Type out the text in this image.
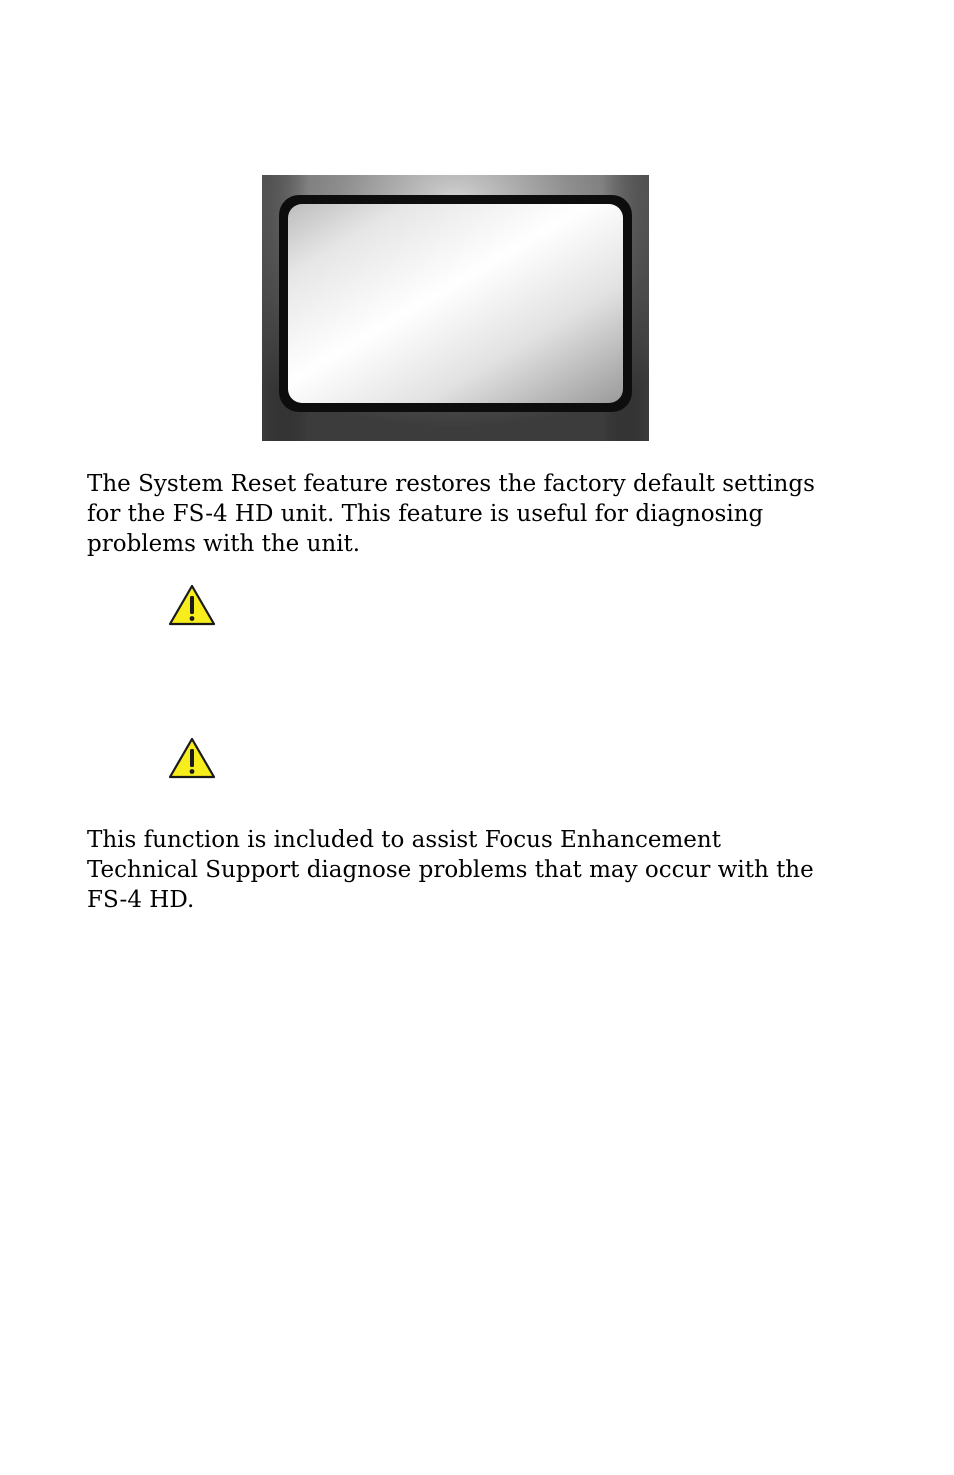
The System Reset feature restores the factory default settings
for the FS-4 HD unit. This feature is useful for diagnosing
problems with the unit.

This function is included to assist Focus Enhancement
Technical Support diagnose problems that may occur with the
FS-4 HD.
